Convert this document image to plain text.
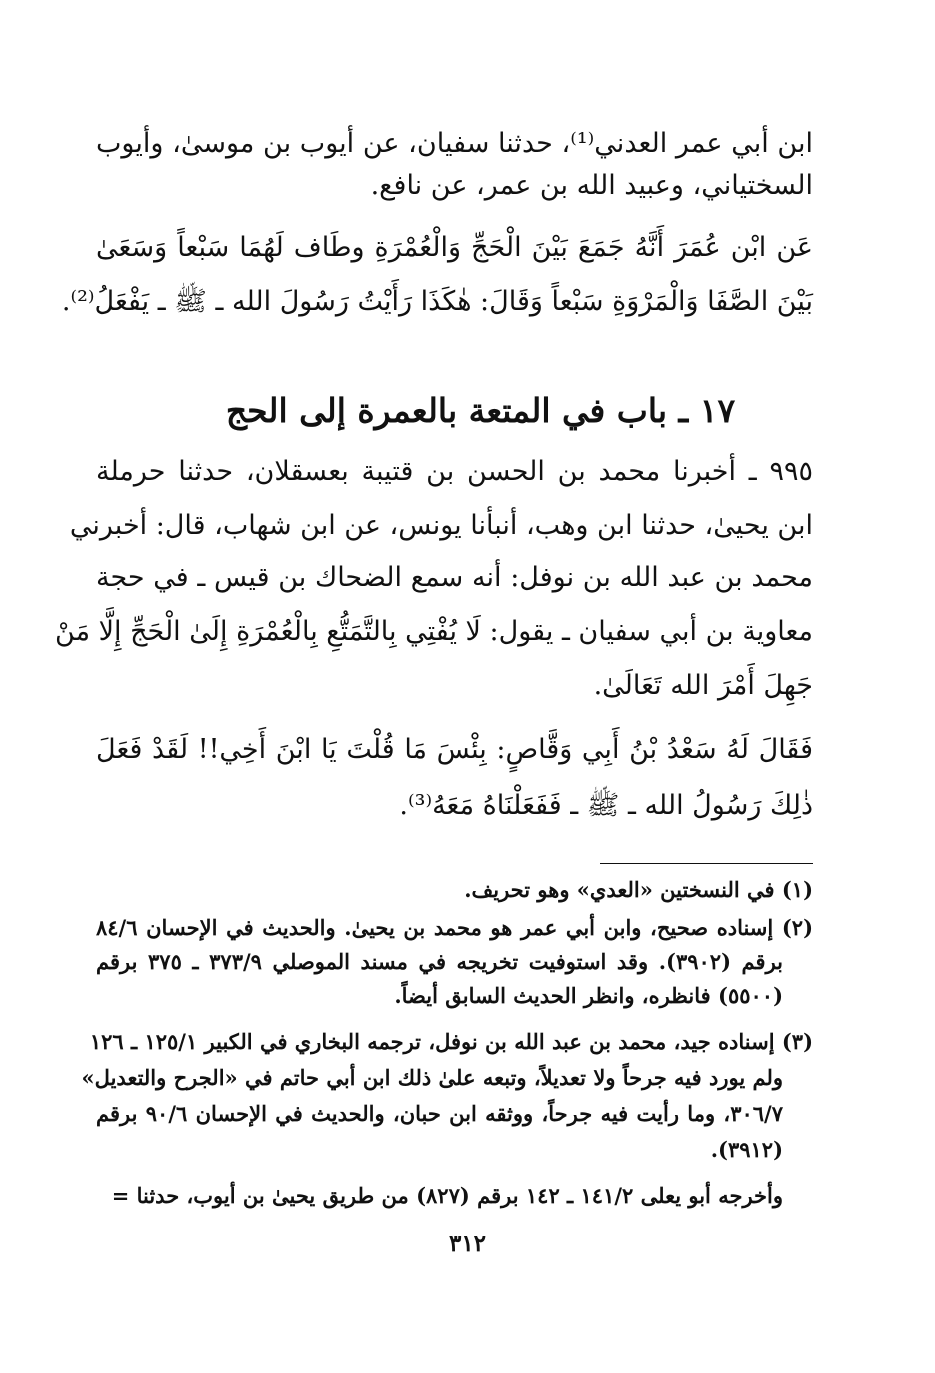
ابن أبي عمر العدني⁽¹⁾، حدثنا سفيان، عن أيوب بن موسىٰ، وأيوب
السختياني، وعبيد الله بن عمر، عن نافع.
عَن ابْن عُمَرَ أَنَّهُ جَمَعَ بَيْنَ الْحَجِّ وَالْعُمْرَةِ وطَاف لَهُمَا سَبْعاً وَسَعَىٰ
بَيْنَ الصَّفَا وَالْمَرْوَةِ سَبْعاً وَقَالَ: هٰكَذَا رَأَيْتُ رَسُولَ الله ـ ﷺ ـ يَفْعَلُ⁽²⁾.
١٧ ـ باب في المتعة بالعمرة إلى الحج
٩٩٥ ـ أخبرنا محمد بن الحسن بن قتيبة بعسقلان، حدثنا حرملة
ابن يحيىٰ، حدثنا ابن وهب، أنبأنا يونس، عن ابن شهاب، قال: أخبرني
محمد بن عبد الله بن نوفل: أنه سمع الضحاك بن قيس ـ في حجة
معاوية بن أبي سفيان ـ يقول: لَا يُفْتِي بِالتَّمَتُّعِ بِالْعُمْرَةِ إِلَىٰ الْحَجِّ إِلَّا مَنْ
جَهِلَ أَمْرَ الله تَعَالَىٰ.
فَقَالَ لَهُ سَعْدُ بْنُ أَبِي وَقَّاصٍ: بِئْسَ مَا قُلْتَ يَا ابْنَ أَخِي!! لَقَدْ فَعَلَ
ذٰلِكَ رَسُولُ الله ـ ﷺ ـ فَفَعَلْنَاهُ مَعَهُ⁽³⁾.
(١) في النسختين «العدي» وهو تحريف.
(٢) إسناده صحيح، وابن أبي عمر هو محمد بن يحيىٰ. والحديث في الإحسان ٨٤/٦
برقم (٣٩٠٢). وقد استوفيت تخريجه في مسند الموصلي ٣٧٣/٩ ـ ٣٧٥ برقم
(٥٥٠٠) فانظره، وانظر الحديث السابق أيضاً.
(٣) إسناده جيد، محمد بن عبد الله بن نوفل، ترجمه البخاري في الكبير ١٢٥/١ ـ ١٢٦
ولم يورد فيه جرحاً ولا تعديلاً، وتبعه علىٰ ذلك ابن أبي حاتم في «الجرح والتعديل»
٣٠٦/٧، وما رأيت فيه جرحاً، ووثقه ابن حبان، والحديث في الإحسان ٩٠/٦ برقم
(٣٩١٢).
وأخرجه أبو يعلى ١٤١/٢ ـ ١٤٢ برقم (٨٢٧) من طريق يحيىٰ بن أيوب، حدثنا =
٣١٢
